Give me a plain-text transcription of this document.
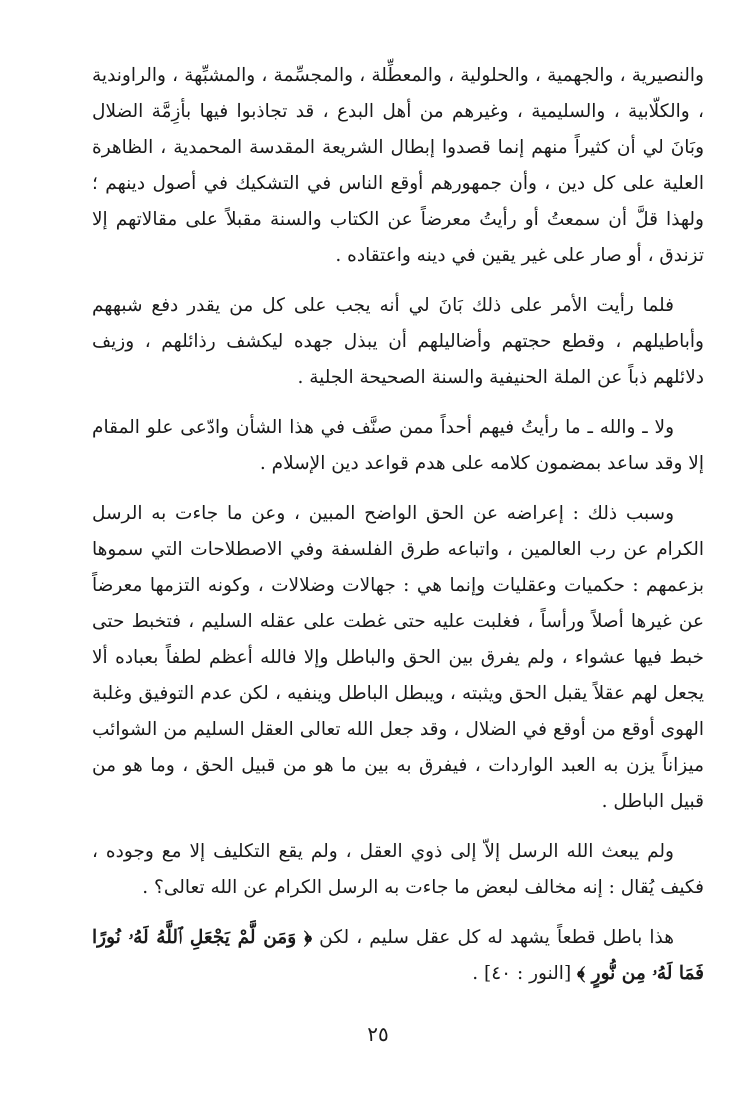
والنصيرية ، والجهمية ، والحلولية ، والمعطِّلة ، والمجسِّمة ، والمشبِّهة ، والراوندية ، والكلّابية ، والسليمية ، وغيرهم من أهل البدع ، قد تجاذبوا فيها بأزِمَّة الضلال وبَانَ لي أن كثيراً منهم إنما قصدوا إبطال الشريعة المقدسة المحمدية ، الظاهرة العلية على كل دين ، وأن جمهورهم أوقع الناس في التشكيك في أصول دينهم ؛ ولهذا قلَّ أن سمعتُ أو رأيتُ معرضاً عن الكتاب والسنة مقبلاً على مقالاتهم إلا تزندق ، أو صار على غير يقين في دينه واعتقاده .

فلما رأيت الأمر على ذلك بَانَ لي أنه يجب على كل من يقدر دفع شبههم وأباطيلهم ، وقطع حجتهم وأضاليلهم أن يبذل جهده ليكشف رذائلهم ، وزيف دلائلهم ذباً عن الملة الحنيفية والسنة الصحيحة الجلية .

ولا ـ والله ـ ما رأيتُ فيهم أحداً ممن صنَّف في هذا الشأن وادّعى علو المقام إلا وقد ساعد بمضمون كلامه على هدم قواعد دين الإسلام .

وسبب ذلك : إعراضه عن الحق الواضح المبين ، وعن ما جاءت به الرسل الكرام عن رب العالمين ، واتباعه طرق الفلسفة وفي الاصطلاحات التي سموها بزعمهم : حكميات وعقليات وإنما هي : جهالات وضلالات ، وكونه التزمها معرضاً عن غيرها أصلاً ورأساً ، فغلبت عليه حتى غطت على عقله السليم ، فتخبط حتى خبط فيها عشواء ، ولم يفرق بين الحق والباطل وإلا فالله أعظم لطفاً بعباده ألا يجعل لهم عقلاً يقبل الحق ويثبته ، ويبطل الباطل وينفيه ، لكن عدم التوفيق وغلبة الهوى أوقع من أوقع في الضلال ، وقد جعل الله تعالى العقل السليم من الشوائب ميزاناً يزن به العبد الواردات ، فيفرق به بين ما هو من قبيل الحق ، وما هو من قبيل الباطل .

ولم يبعث الله الرسل إلاّ إلى ذوي العقل ، ولم يقع التكليف إلا مع وجوده ، فكيف يُقال : إنه مخالف لبعض ما جاءت به الرسل الكرام عن الله تعالى؟ .

هذا باطل قطعاً يشهد له كل عقل سليم ، لكن ﴿ وَمَن لَّمْ يَجْعَلِ ٱللَّهُ لَهُۥ نُورًا فَمَا لَهُۥ مِن نُّورٍ ﴾ [النور : ٤٠] .

٢٥
